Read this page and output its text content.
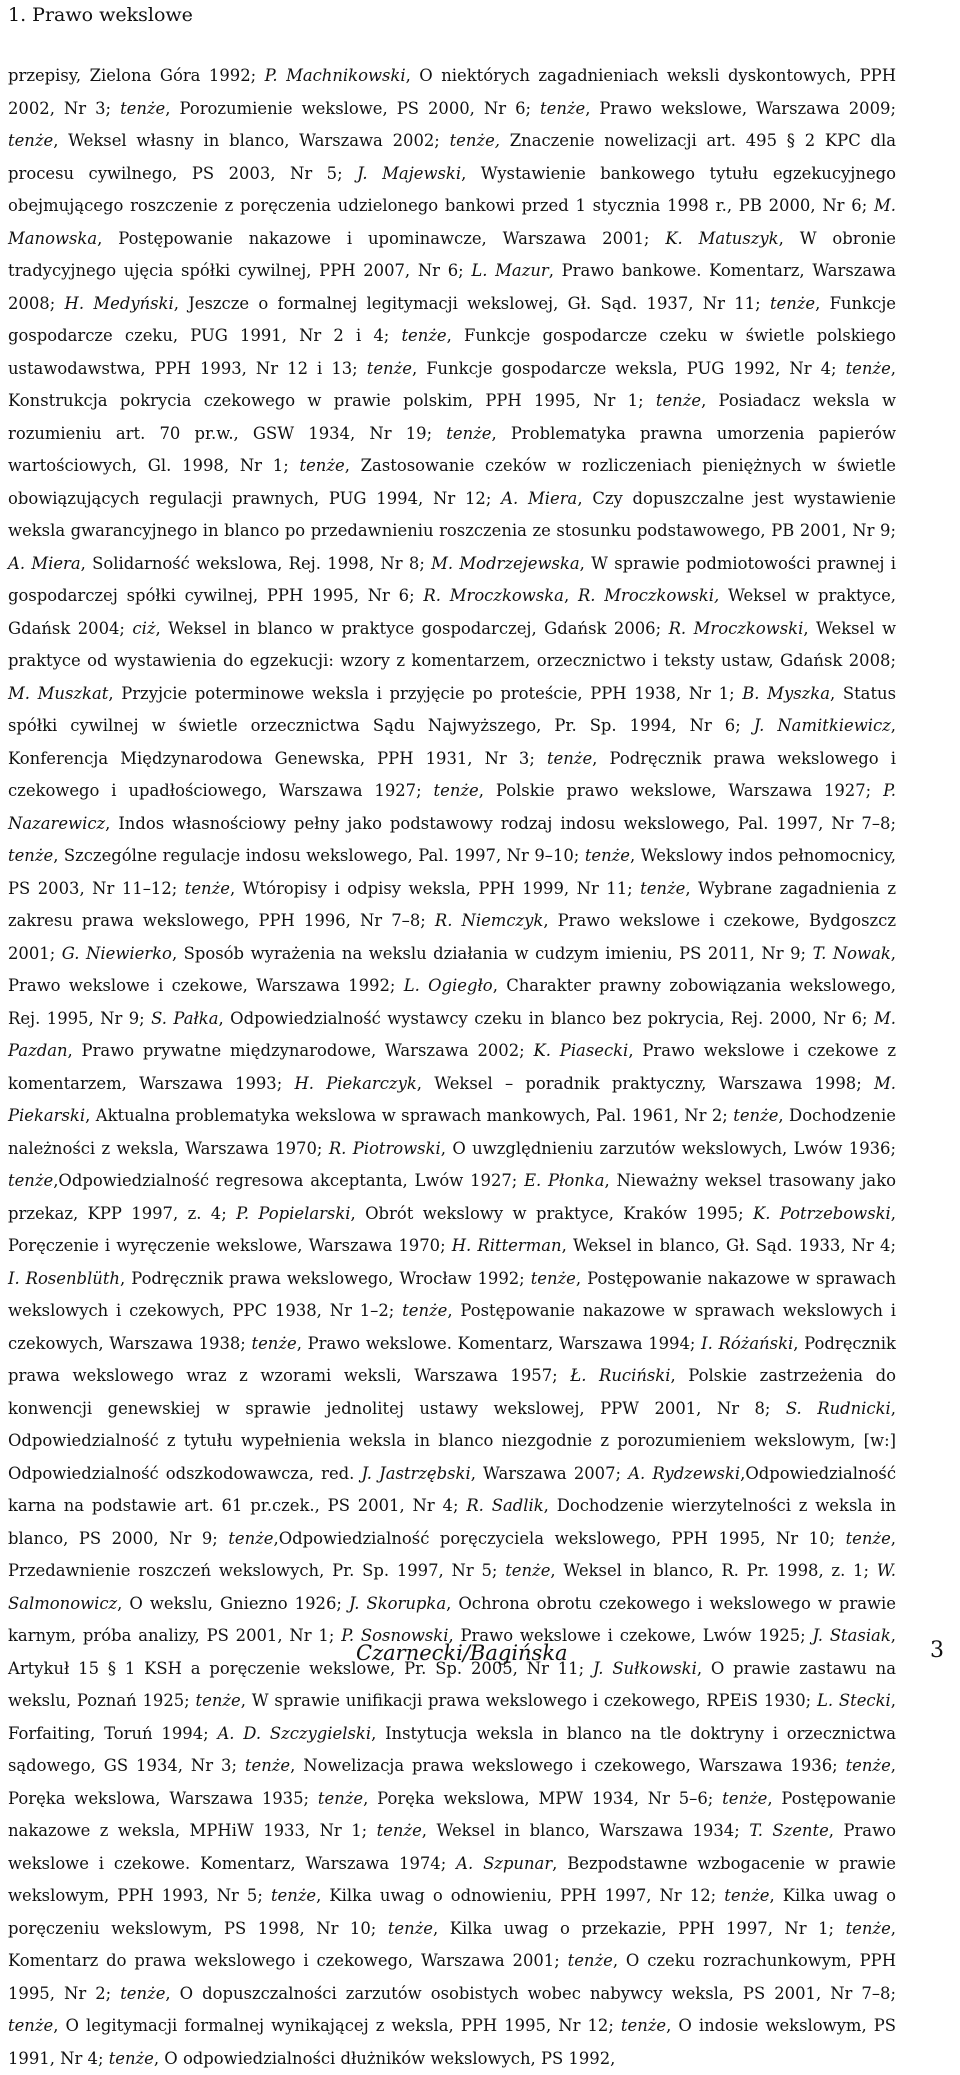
1. Prawo wekslowe
przepisy, Zielona Góra 1992; P. Machnikowski, O niektórych zagadnieniach weksli dyskontowych, PPH 2002, Nr 3; tenże, Porozumienie wekslowe, PS 2000, Nr 6; tenże, Prawo wekslowe, Warszawa 2009; tenże, Weksel własny in blanco, Warszawa 2002; tenże, Znaczenie nowelizacji art. 495 § 2 KPC dla procesu cywilnego, PS 2003, Nr 5; J. Majewski, Wystawienie bankowego tytułu egzekucyjnego obejmującego roszczenie z poręczenia udzielonego bankowi przed 1 stycznia 1998 r., PB 2000, Nr 6; M. Manowska, Postępowanie nakazowe i upominawcze, Warszawa 2001; K. Matuszyk, W obronie tradycyjnego ujęcia spółki cywilnej, PPH 2007, Nr 6; L. Mazur, Prawo bankowe. Komentarz, Warszawa 2008; H. Medyński, Jeszcze o formalnej legitymacji wekslowej, Gł. Sąd. 1937, Nr 11; tenże, Funkcje gospodarcze czeku, PUG 1991, Nr 2 i 4; tenże, Funkcje gospodarcze czeku w świetle polskiego ustawodawstwa, PPH 1993, Nr 12 i 13; tenże, Funkcje gospodarcze weksla, PUG 1992, Nr 4; tenże, Konstrukcja pokrycia czekowego w prawie polskim, PPH 1995, Nr 1; tenże, Posiadacz weksla w rozumieniu art. 70 pr.w., GSW 1934, Nr 19; tenże, Problematyka prawna umorzenia papierów wartościowych, Gl. 1998, Nr 1; tenże, Zastosowanie czeków w rozliczeniach pieniężnych w świetle obowiązujących regulacji prawnych, PUG 1994, Nr 12; A. Miera, Czy dopuszczalne jest wystawienie weksla gwarancyjnego in blanco po przedawnieniu roszczenia ze stosunku podstawowego, PB 2001, Nr 9; A. Miera, Solidarność wekslowa, Rej. 1998, Nr 8; M. Modrzejewska, W sprawie podmiotowości prawnej i gospodarczej spółki cywilnej, PPH 1995, Nr 6; R. Mroczkowska, R. Mroczkowski, Weksel w praktyce, Gdańsk 2004; ciż, Weksel in blanco w praktyce gospodarczej, Gdańsk 2006; R. Mroczkowski, Weksel w praktyce od wystawienia do egzekucji: wzory z komentarzem, orzecznictwo i teksty ustaw, Gdańsk 2008; M. Muszkat, Przyjcie poterminowe weksla i przyjęcie po proteście, PPH 1938, Nr 1; B. Myszka, Status spółki cywilnej w świetle orzecznictwa Sądu Najwyższego, Pr. Sp. 1994, Nr 6; J. Namitkiewicz, Konferencja Międzynarodowa Genewska, PPH 1931, Nr 3; tenże, Podręcznik prawa wekslowego i czekowego i upadłościowego, Warszawa 1927; tenże, Polskie prawo wekslowe, Warszawa 1927; P. Nazarewicz, Indos własnościowy pełny jako podstawowy rodzaj indosu wekslowego, Pal. 1997, Nr 7–8; tenże, Szczególne regulacje indosu wekslowego, Pal. 1997, Nr 9–10; tenże, Wekslowy indos pełnomocnicy, PS 2003, Nr 11–12; tenże, Wtóropisy i odpisy weksla, PPH 1999, Nr 11; tenże, Wybrane zagadnienia z zakresu prawa wekslowego, PPH 1996, Nr 7–8; R. Niemczyk, Prawo wekslowe i czekowe, Bydgoszcz 2001; G. Niewierko, Sposób wyrażenia na wekslu działania w cudzym imieniu, PS 2011, Nr 9; T. Nowak, Prawo wekslowe i czekowe, Warszawa 1992; L. Ogiegło, Charakter prawny zobowiązania wekslowego, Rej. 1995, Nr 9; S. Pałka, Odpowiedzialność wystawcy czeku in blanco bez pokrycia, Rej. 2000, Nr 6; M. Pazdan, Prawo prywatne międzynarodowe, Warszawa 2002; K. Piasecki, Prawo wekslowe i czekowe z komentarzem, Warszawa 1993; H. Piekarczyk, Weksel – poradnik praktyczny, Warszawa 1998; M. Piekarski, Aktualna problematyka wekslowa w sprawach mankowych, Pal. 1961, Nr 2; tenże, Dochodzenie należności z weksla, Warszawa 1970; R. Piotrowski, O uwzględnieniu zarzutów wekslowych, Lwów 1936; tenże,Odpowiedzialność regresowa akceptanta, Lwów 1927; E. Płonka, Nieważny weksel trasowany jako przekaz, KPP 1997, z. 4; P. Popielarski, Obrót wekslowy w praktyce, Kraków 1995; K. Potrzebowski, Poręczenie i wyręczenie wekslowe, Warszawa 1970; H. Ritterman, Weksel in blanco, Gł. Sąd. 1933, Nr 4; I. Rosenblüth, Podręcznik prawa wekslowego, Wrocław 1992; tenże, Postępowanie nakazowe w sprawach wekslowych i czekowych, PPC 1938, Nr 1–2; tenże, Postępowanie nakazowe w sprawach wekslowych i czekowych, Warszawa 1938; tenże, Prawo wekslowe. Komentarz, Warszawa 1994; I. Różański, Podręcznik prawa wekslowego wraz z wzorami weksli, Warszawa 1957; Ł. Ruciński, Polskie zastrzeżenia do konwencji genewskiej w sprawie jednolitej ustawy wekslowej, PPW 2001, Nr 8; S. Rudnicki, Odpowiedzialność z tytułu wypełnienia weksla in blanco niezgodnie z porozumieniem wekslowym, [w:] Odpowiedzialność odszkodowawcza, red. J. Jastrzębski, Warszawa 2007; A. Rydzewski,Odpowiedzialność karna na podstawie art. 61 pr.czek., PS 2001, Nr 4; R. Sadlik, Dochodzenie wierzytelności z weksla in blanco, PS 2000, Nr 9; tenże,Odpowiedzialność poręczyciela wekslowego, PPH 1995, Nr 10; tenże, Przedawnienie roszczeń wekslowych, Pr. Sp. 1997, Nr 5; tenże, Weksel in blanco, R. Pr. 1998, z. 1; W. Salmonowicz, O wekslu, Gniezno 1926; J. Skorupka, Ochrona obrotu czekowego i wekslowego w prawie karnym, próba analizy, PS 2001, Nr 1; P. Sosnowski, Prawo wekslowe i czekowe, Lwów 1925; J. Stasiak, Artykuł 15 § 1 KSH a poręczenie wekslowe, Pr. Sp. 2005, Nr 11; J. Sułkowski, O prawie zastawu na wekslu, Poznań 1925; tenże, W sprawie unifikacji prawa wekslowego i czekowego, RPEiS 1930; L. Stecki, Forfaiting, Toruń 1994; A. D. Szczygielski, Instytucja weksla in blanco na tle doktryny i orzecznictwa sądowego, GS 1934, Nr 3; tenże, Nowelizacja prawa wekslowego i czekowego, Warszawa 1936; tenże, Poręka wekslowa, Warszawa 1935; tenże, Poręka wekslowa, MPW 1934, Nr 5–6; tenże, Postępowanie nakazowe z weksla, MPHiW 1933, Nr 1; tenże, Weksel in blanco, Warszawa 1934; T. Szente, Prawo wekslowe i czekowe. Komentarz, Warszawa 1974; A. Szpunar, Bezpodstawne wzbogacenie w prawie wekslowym, PPH 1993, Nr 5; tenże, Kilka uwag o odnowieniu, PPH 1997, Nr 12; tenże, Kilka uwag o poręczeniu wekslowym, PS 1998, Nr 10; tenże, Kilka uwag o przekazie, PPH 1997, Nr 1; tenże, Komentarz do prawa wekslowego i czekowego, Warszawa 2001; tenże, O czeku rozrachunkowym, PPH 1995, Nr 2; tenże, O dopuszczalności zarzutów osobistych wobec nabywcy weksla, PS 2001, Nr 7–8; tenże, O legitymacji formalnej wynikającej z weksla, PPH 1995, Nr 12; tenże, O indosie wekslowym, PS 1991, Nr 4; tenże, O odpowiedzialności dłużników wekslowych, PS 1992,
Czarnecki/Bagińska	3
